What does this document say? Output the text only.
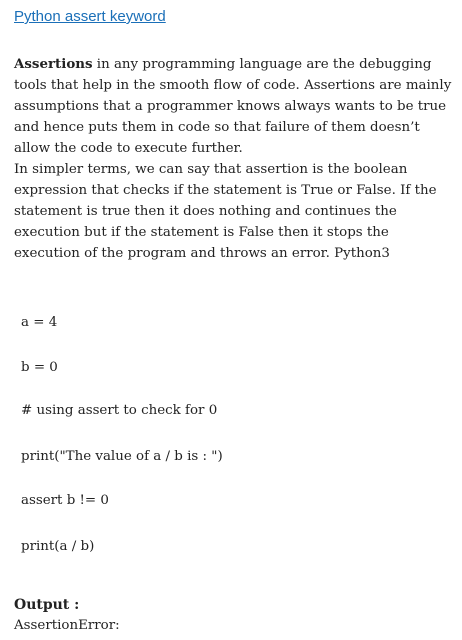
Python assert keyword

Assertions in any programming language are the debugging tools that help in the smooth flow of code. Assertions are mainly assumptions that a programmer knows always wants to be true and hence puts them in code so that failure of them doesn’t allow the code to execute further.

In simpler terms, we can say that assertion is the boolean expression that checks if the statement is True or False. If the statement is true then it does nothing and continues the execution but if the statement is False then it stops the execution of the program and throws an error. Python3

a = 4
b = 0
# using assert to check for 0
print("The value of a / b is : ")
assert b != 0
print(a / b)
Output :
AssertionError:
